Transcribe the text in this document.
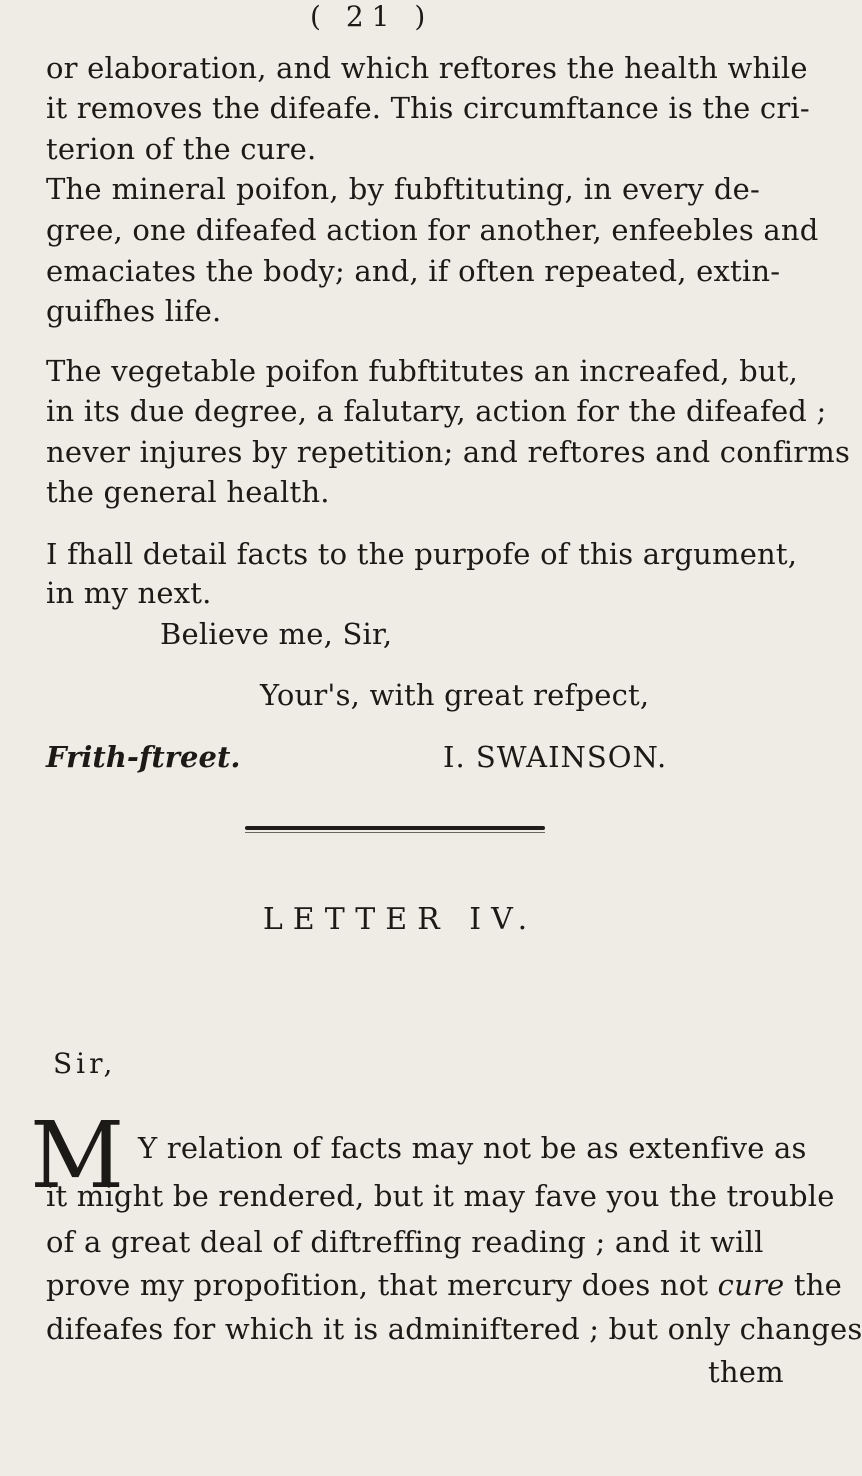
( 21 )
or elaboration, and which reftores the health while
it removes the difeafe. This circumftance is the cri-
terion of the cure.
The mineral poifon, by fubftituting, in every de-
gree, one difeafed action for another, enfeebles and
emaciates the body; and, if often repeated, extin-
guifhes life.
The vegetable poifon fubftitutes an increafed, but,
in its due degree, a falutary, action for the difeafed ;
never injures by repetition; and reftores and confirms
the general health.
I fhall detail facts to the purpofe of this argument,
in my next.
Believe me, Sir,
Your's, with great refpect,
Frith-ftreet.	I. SWAINSON.
LETTER IV.
Sir,
M Y relation of facts may not be as extenfive as
it might be rendered, but it may fave you the trouble
of a great deal of diftreffing reading ; and it will
prove my propofition, that mercury does not cure the
difeafes for which it is adminiftered ; but only changes
them
